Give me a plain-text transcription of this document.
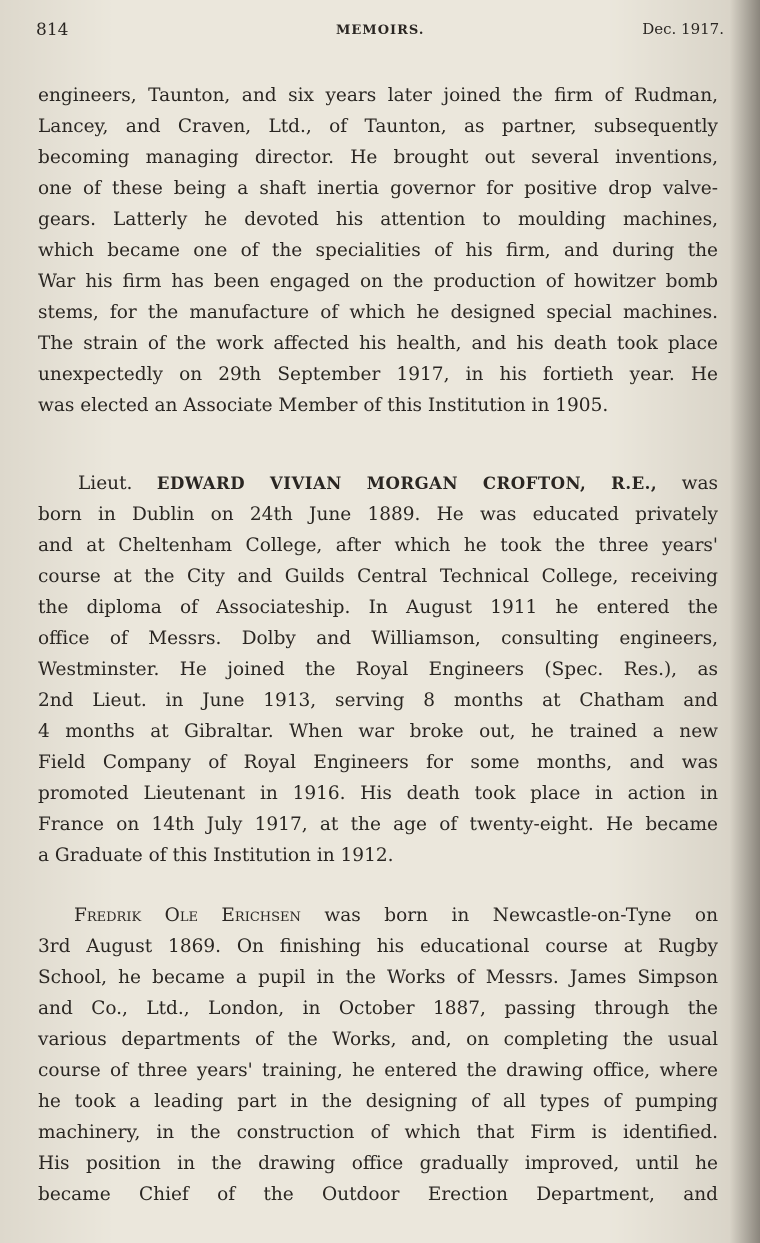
814	MEMOIRS.	Dec. 1917.
engineers, Taunton, and six years later joined the firm of Rudman,
Lancey, and Craven, Ltd., of Taunton, as partner, subsequently
becoming managing director. He brought out several inventions,
one of these being a shaft inertia governor for positive drop valve-
gears. Latterly he devoted his attention to moulding machines,
which became one of the specialities of his firm, and during the
War his firm has been engaged on the production of howitzer bomb
stems, for the manufacture of which he designed special machines.
The strain of the work affected his health, and his death took place
unexpectedly on 29th September 1917, in his fortieth year. He
was elected an Associate Member of this Institution in 1905.
Lieut. EDWARD VIVIAN MORGAN CROFTON, R.E., was
born in Dublin on 24th June 1889. He was educated privately
and at Cheltenham College, after which he took the three years'
course at the City and Guilds Central Technical College, receiving
the diploma of Associateship. In August 1911 he entered the
office of Messrs. Dolby and Williamson, consulting engineers,
Westminster. He joined the Royal Engineers (Spec. Res.), as
2nd Lieut. in June 1913, serving 8 months at Chatham and
4 months at Gibraltar. When war broke out, he trained a new
Field Company of Royal Engineers for some months, and was
promoted Lieutenant in 1916. His death took place in action in
France on 14th July 1917, at the age of twenty-eight. He became
a Graduate of this Institution in 1912.
Fredrik Ole Erichsen was born in Newcastle-on-Tyne on
3rd August 1869. On finishing his educational course at Rugby
School, he became a pupil in the Works of Messrs. James Simpson
and Co., Ltd., London, in October 1887, passing through the
various departments of the Works, and, on completing the usual
course of three years' training, he entered the drawing office, where
he took a leading part in the designing of all types of pumping
machinery, in the construction of which that Firm is identified.
His position in the drawing office gradually improved, until he
became Chief of the Outdoor Erection Department, and
